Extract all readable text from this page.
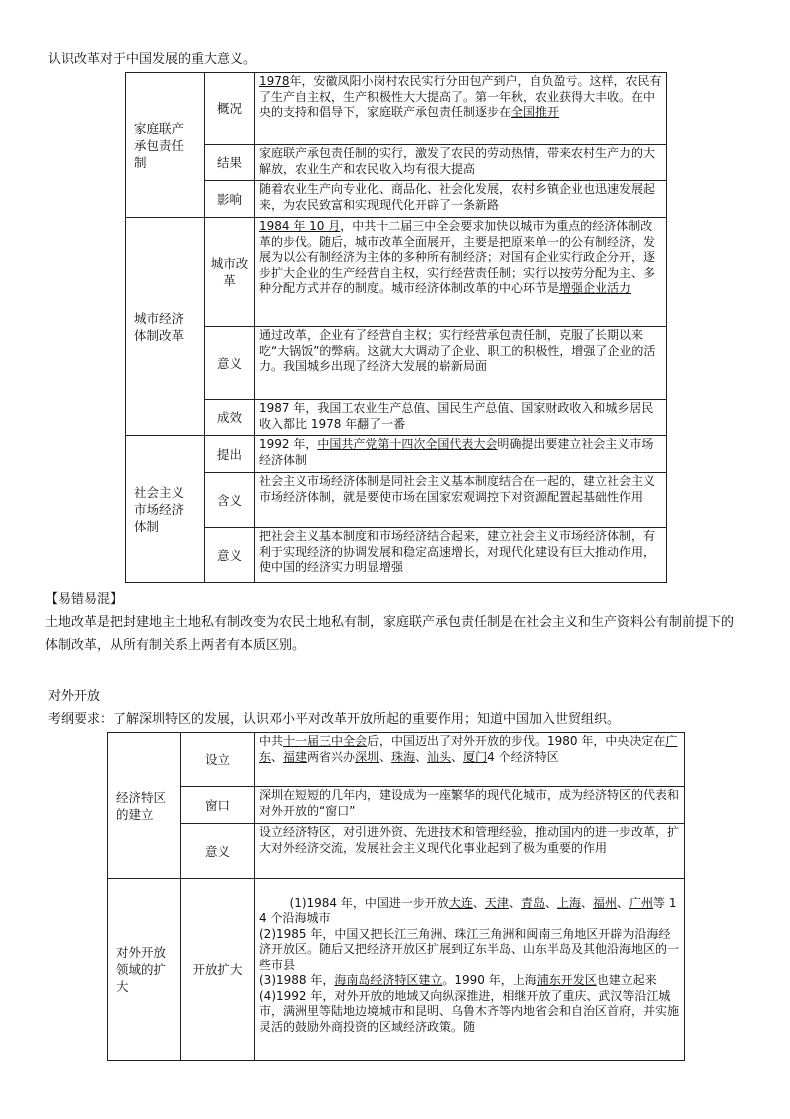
认识改革对于中国发展的重大意义。
家庭联产承包责任制	概况	1978年，安徽凤阳小岗村农民实行分田包产到户，自负盈亏。这样，农民有了生产自主权，生产积极性大大提高了。第一年秋，农业获得大丰收。在中央的支持和倡导下，家庭联产承包责任制逐步在全国推开
	结果	家庭联产承包责任制的实行，激发了农民的劳动热情，带来农村生产力的大解放，农业生产和农民收入均有很大提高
	影响	随着农业生产向专业化、商品化、社会化发展，农村乡镇企业也迅速发展起来，为农民致富和实现现代化开辟了一条新路
城市经济体制改革	城市改革	1984 年 10 月，中共十二届三中全会要求加快以城市为重点的经济体制改革的步伐。随后，城市改革全面展开，主要是把原来单一的公有制经济，发展为以公有制经济为主体的多种所有制经济；对国有企业实行政企分开，逐步扩大企业的生产经营自主权，实行经营责任制；实行以按劳分配为主、多种分配方式并存的制度。城市经济体制改革的中心环节是增强企业活力
	意义	通过改革，企业有了经营自主权；实行经营承包责任制，克服了长期以来吃“大锅饭”的弊病。这就大大调动了企业、职工的积极性，增强了企业的活力。我国城乡出现了经济大发展的崭新局面
	成效	1987 年，我国工农业生产总值、国民生产总值、国家财政收入和城乡居民收入都比 1978 年翻了一番
社会主义市场经济体制	提出	1992 年，中国共产党第十四次全国代表大会明确提出要建立社会主义市场经济体制
	含义	社会主义市场经济体制是同社会主义基本制度结合在一起的，建立社会主义市场经济体制，就是要使市场在国家宏观调控下对资源配置起基础性作用
	意义	把社会主义基本制度和市场经济结合起来，建立社会主义市场经济体制，有利于实现经济的协调发展和稳定高速增长，对现代化建设有巨大推动作用，使中国的经济实力明显增强
【易错易混】
土地改革是把封建地主土地私有制改变为农民土地私有制，家庭联产承包责任制是在社会主义和生产资料公有制前提下的体制改革，从所有制关系上两者有本质区别。
对外开放
考纲要求：了解深圳特区的发展，认识邓小平对改革开放所起的重要作用；知道中国加入世贸组织。
经济特区的建立	设立	中共十一届三中全会后，中国迈出了对外开放的步伐。1980 年，中央决定在广东、福建两省兴办深圳、珠海、汕头、厦门4 个经济特区
	窗口	深圳在短短的几年内，建设成为一座繁华的现代化城市，成为经济特区的代表和对外开放的“窗口”
	意义	设立经济特区，对引进外资、先进技术和管理经验，推动国内的进一步改革，扩大对外经济交流，发展社会主义现代化事业起到了极为重要的作用
对外开放领域的扩大	开放扩大	(1)1984 年，中国进一步开放大连、天津、青岛、上海、福州、广州等 14 个沿海城市
(2)1985 年，中国又把长江三角洲、珠江三角洲和闽南三角地区开辟为沿海经济开放区。随后又把经济开放区扩展到辽东半岛、山东半岛及其他沿海地区的一些市县
(3)1988 年，海南岛经济特区建立。1990 年，上海浦东开发区也建立起来
(4)1992 年，对外开放的地域又向纵深推进，相继开放了重庆、武汉等沿江城市，满洲里等陆地边境城市和昆明、乌鲁木齐等内地省会和自治区首府，并实施灵活的鼓励外商投资的区域经济政策。随
